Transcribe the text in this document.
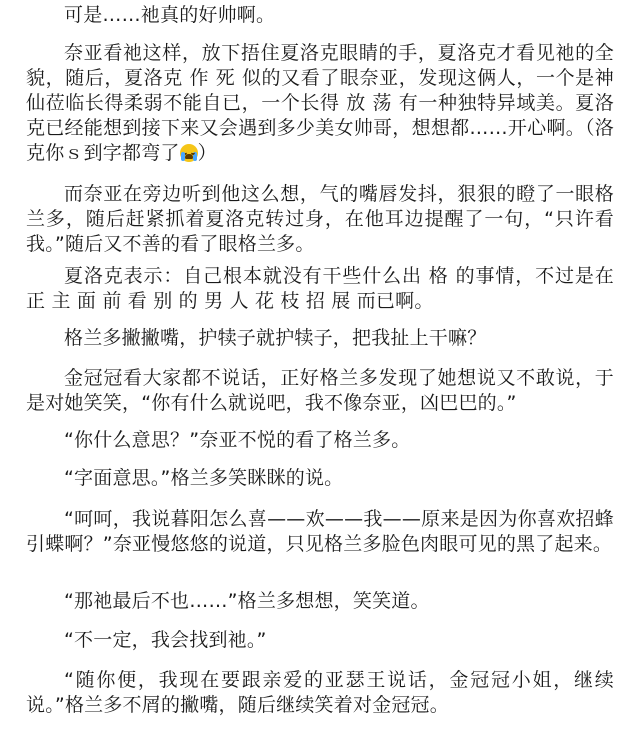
可是……祂真的好帅啊。

奈亚看祂这样，放下捂住夏洛克眼睛的手，夏洛克才看见祂的全貌，随后，夏洛克 作 死 似的又看了眼奈亚，发现这俩人，一个是神仙莅临长得柔弱不能自已，一个长得 放 荡 有一种独特异域美。夏洛克已经能想到接下来又会遇到多少美女帅哥，想想都……开心啊。（洛克你ｓ到字都弯了 ）

而奈亚在旁边听到他这么想，气的嘴唇发抖，狠狠的瞪了一眼格兰多，随后赶紧抓着夏洛克转过身，在他耳边提醒了一句，“只许看我。”随后又不善的看了眼格兰多。

夏洛克表示：自己根本就没有干些什么出 格 的事情，不过是在 正 主 面 前 看 别 的 男 人 花 枝 招 展 而已啊。

格兰多撇撇嘴，护犊子就护犊子，把我扯上干嘛？

金冠冠看大家都不说话，正好格兰多发现了她想说又不敢说，于是对她笑笑，“你有什么就说吧，我不像奈亚，凶巴巴的。”

“你什么意思？”奈亚不悦的看了格兰多。

“字面意思。”格兰多笑眯眯的说。

“呵呵，我说暮阳怎么喜——欢——我——原来是因为你喜欢招蜂引蝶啊？”奈亚慢悠悠的说道，只见格兰多脸色肉眼可见的黑了起来。

“那祂最后不也……”格兰多想想，笑笑道。

“不一定，我会找到祂。”

“随你便，我现在要跟亲爱的亚瑟王说话，金冠冠小姐，继续说。”格兰多不屑的撇嘴，随后继续笑着对金冠冠。
